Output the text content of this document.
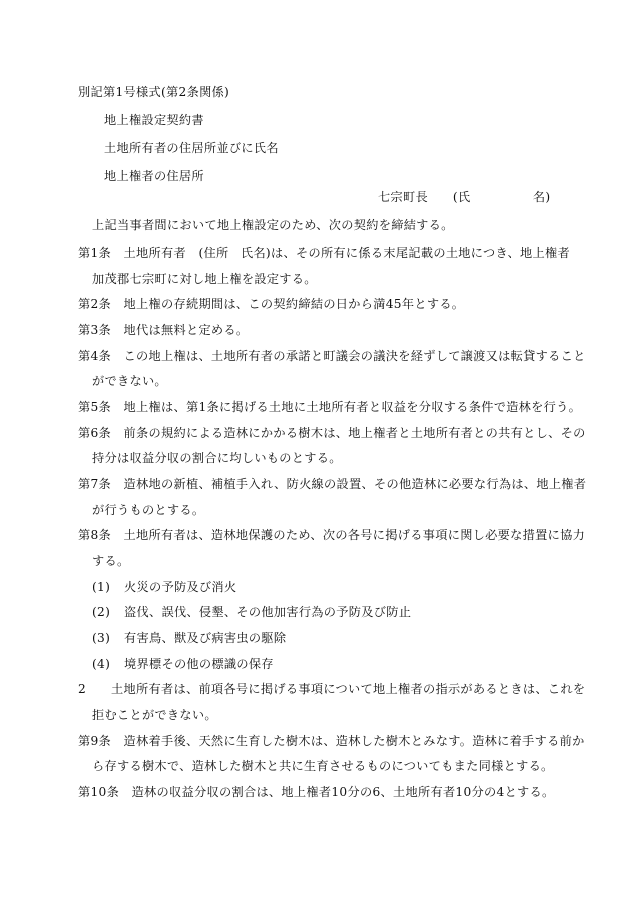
別記第1号様式(第2条関係)
地上権設定契約書
土地所有者の住居所並びに氏名
地上権者の住居所
七宗町長　　(氏　　　　　名)
上記当事者間において地上権設定のため、次の契約を締結する。
第1条　土地所有者　(住所　氏名)は、その所有に係る末尾記載の土地につき、地上権者
加茂郡七宗町に対し地上権を設定する。
第2条　地上権の存続期間は、この契約締結の日から満45年とする。
第3条　地代は無料と定める。
第4条　この地上権は、土地所有者の承諾と町議会の議決を経ずして譲渡又は転貸すること
ができない。
第5条　地上権は、第1条に掲げる土地に土地所有者と収益を分収する条件で造林を行う。
第6条　前条の規約による造林にかかる樹木は、地上権者と土地所有者との共有とし、その
持分は収益分収の割合に均しいものとする。
第7条　造林地の新植、補植手入れ、防火線の設置、その他造林に必要な行為は、地上権者
が行うものとする。
第8条　土地所有者は、造林地保護のため、次の各号に掲げる事項に関し必要な措置に協力
する。
(1) 火災の予防及び消火
(2) 盗伐、誤伐、侵墾、その他加害行為の予防及び防止
(3) 有害鳥、獣及び病害虫の駆除
(4) 境界標その他の標識の保存
2　　土地所有者は、前項各号に掲げる事項について地上権者の指示があるときは、これを
拒むことができない。
第9条　造林着手後、天然に生育した樹木は、造林した樹木とみなす。造林に着手する前か
ら存する樹木で、造林した樹木と共に生育させるものについてもまた同様とする。
第10条　造林の収益分収の割合は、地上権者10分の6、土地所有者10分の4とする。
